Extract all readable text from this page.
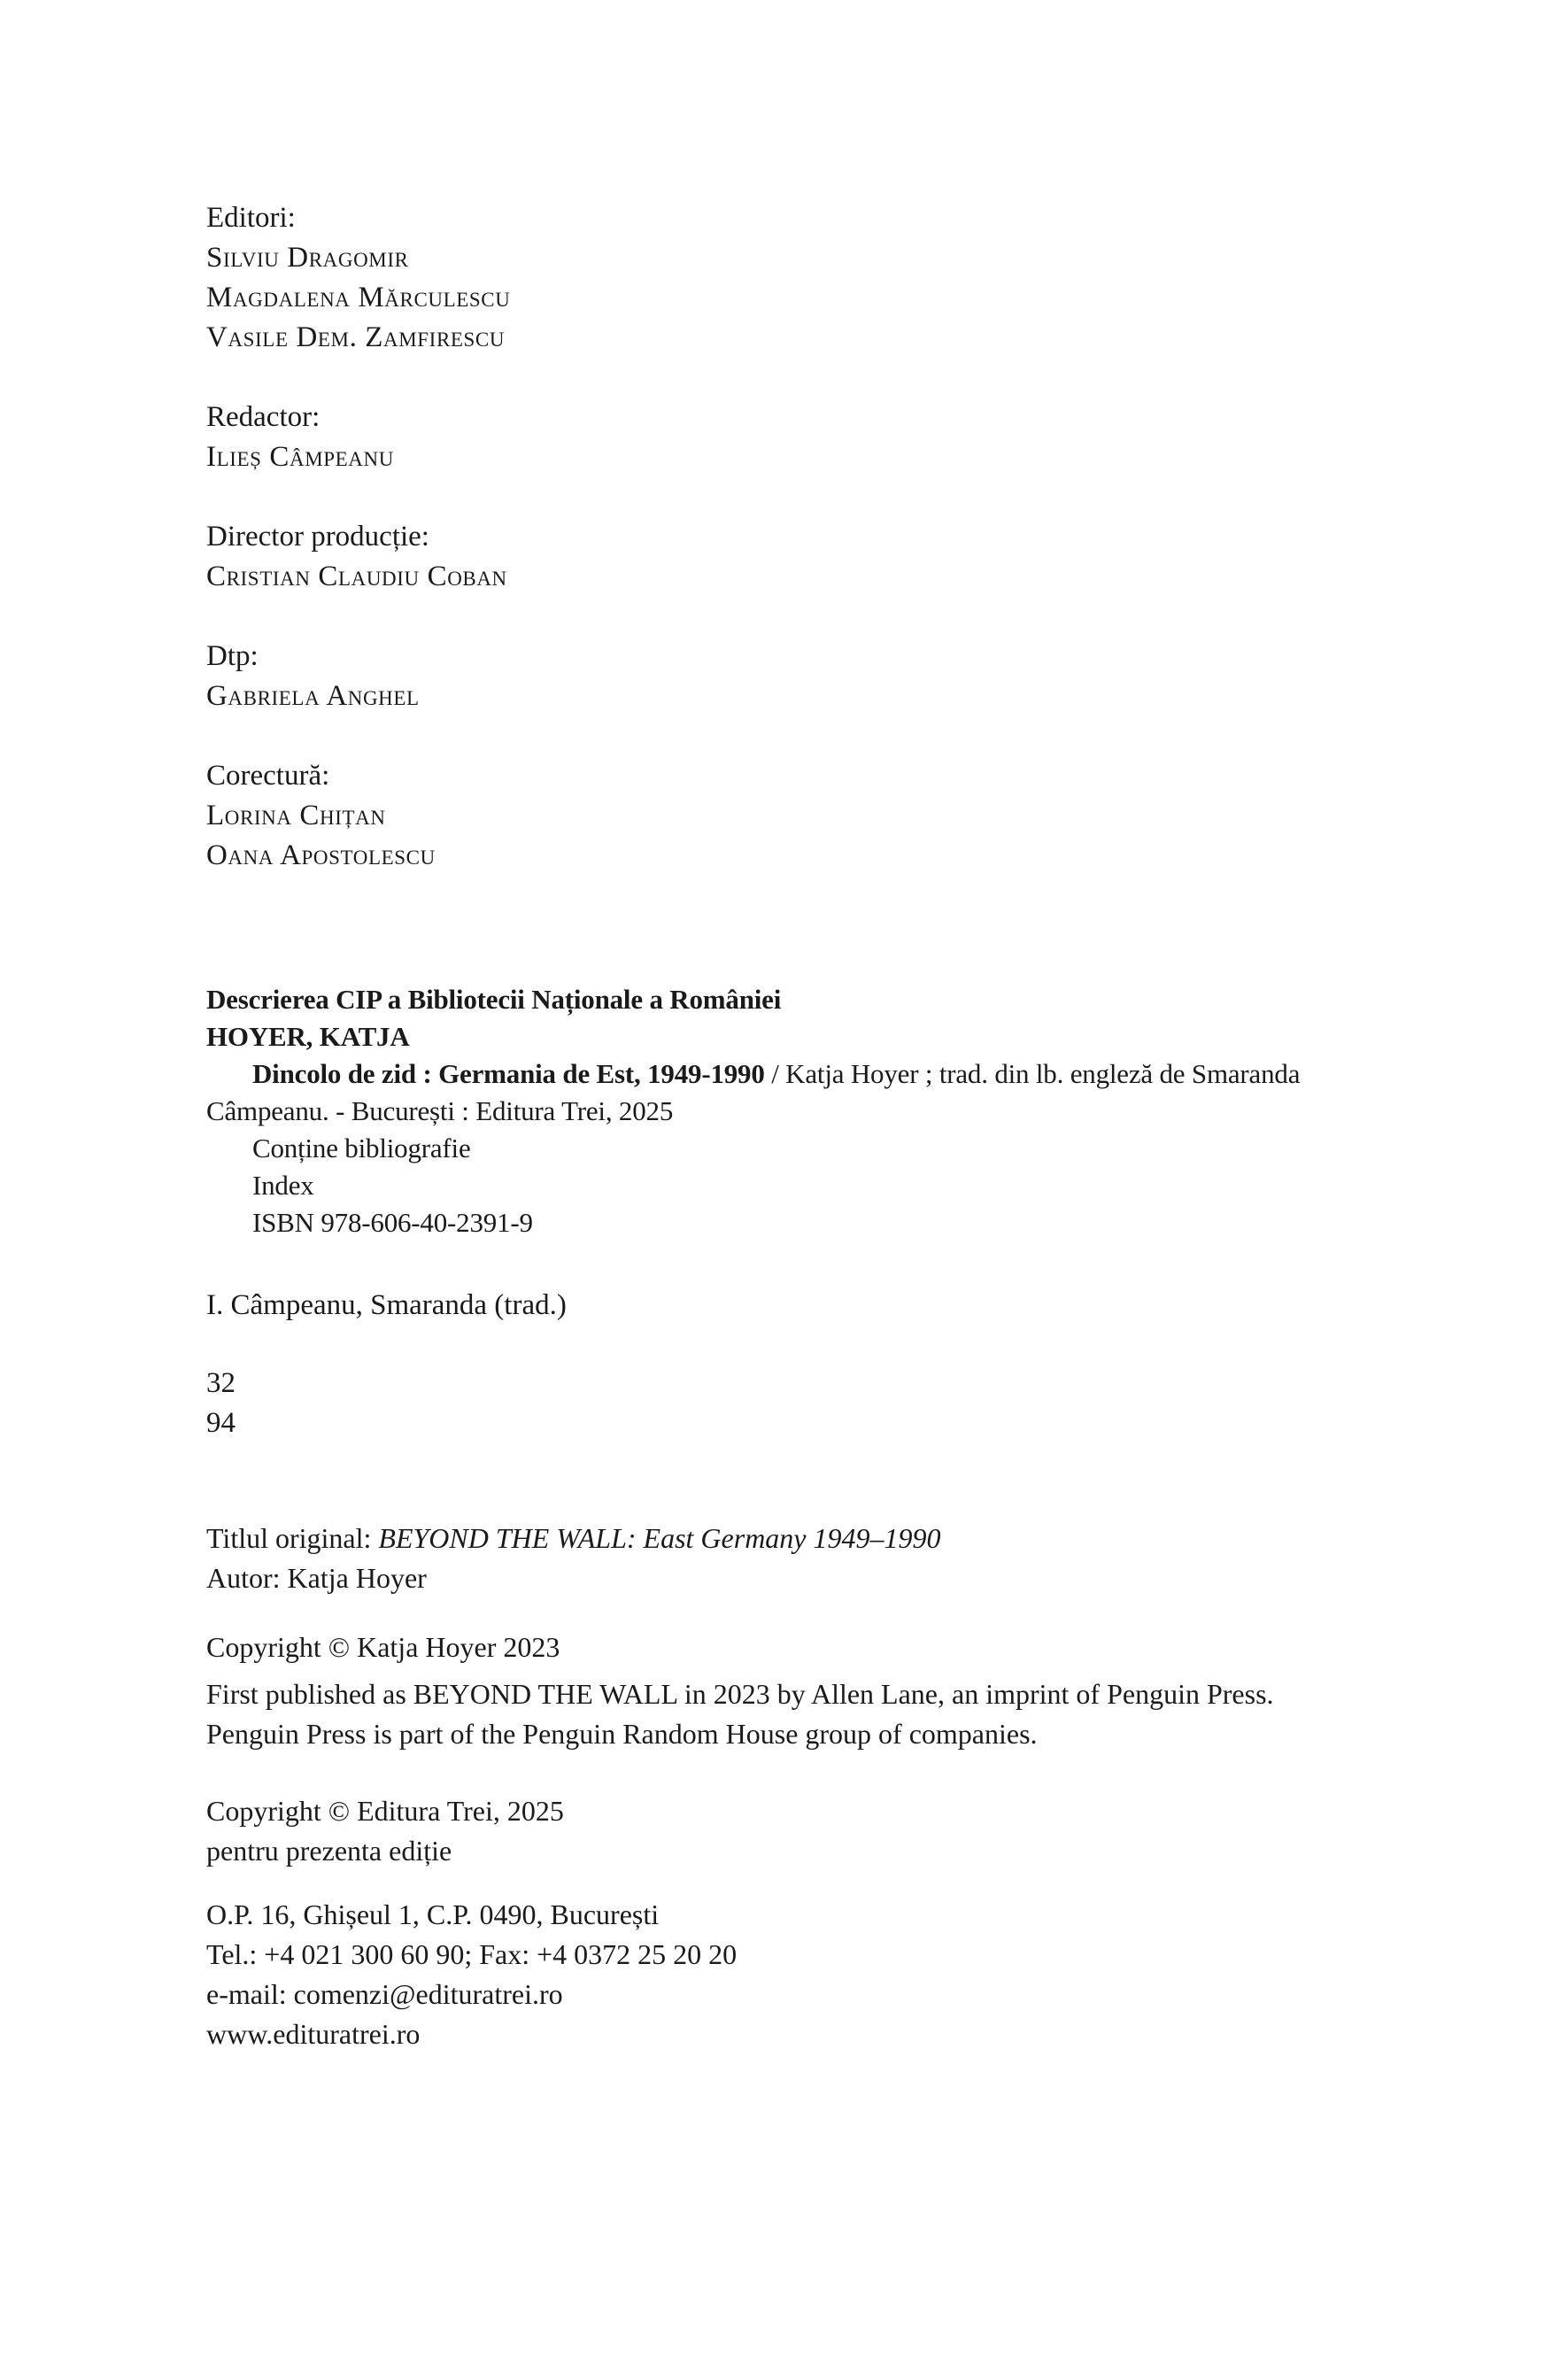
Editori:
Silviu Dragomir
Magdalena Mărculescu
Vasile Dem. Zamfirescu
Redactor:
Ilieș Câmpeanu
Director producție:
Cristian Claudiu Coban
Dtp:
Gabriela Anghel
Corectură:
Lorina Chițan
Oana Apostolescu
Descrierea CIP a Bibliotecii Naționale a României
HOYER, KATJA
Dincolo de zid : Germania de Est, 1949-1990 / Katja Hoyer ; trad. din lb. engleză de Smaranda
Câmpeanu. - București : Editura Trei, 2025
Conține bibliografie
Index
ISBN 978-606-40-2391-9
I. Câmpeanu, Smaranda (trad.)
32
94
Titlul original: BEYOND THE WALL: East Germany 1949–1990
Autor: Katja Hoyer
Copyright © Katja Hoyer 2023
First published as BEYOND THE WALL in 2023 by Allen Lane, an imprint of Penguin Press.
Penguin Press is part of the Penguin Random House group of companies.
Copyright © Editura Trei, 2025
pentru prezenta ediție
O.P. 16, Ghișeul 1, C.P. 0490, București
Tel.: +4 021 300 60 90; Fax: +4 0372 25 20 20
e-mail: comenzi@edituratrei.ro
www.edituratrei.ro
